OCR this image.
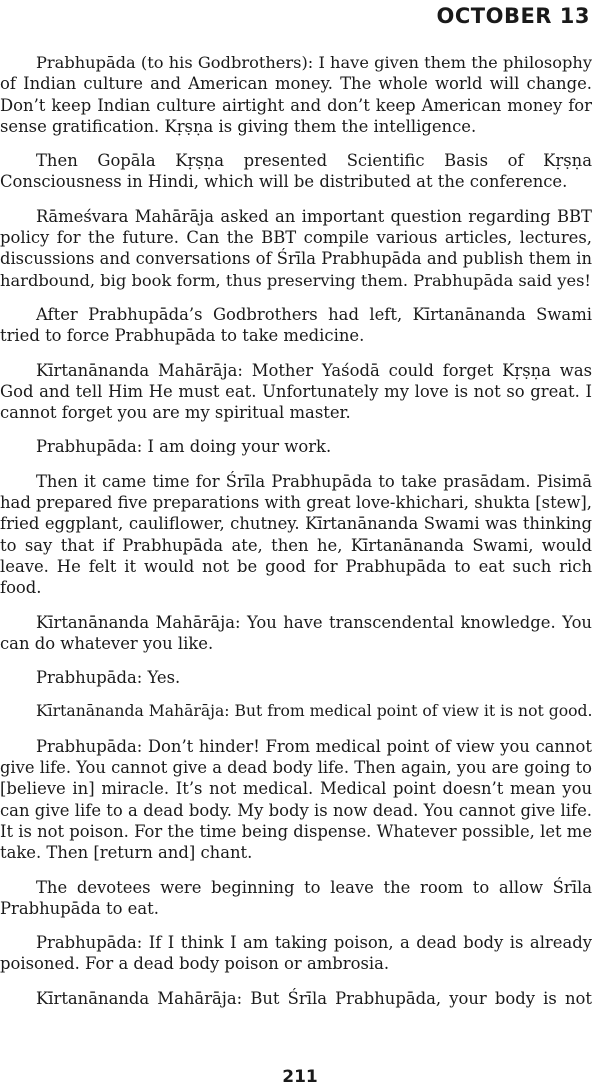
OCTOBER 13
Prabhupāda (to his Godbrothers): I have given them the philosophy
of Indian culture and American money. The whole world will change.
Don’t keep Indian culture airtight and don’t keep American money for
sense gratification. Kṛṣṇa is giving them the intelligence.
Then Gopāla Kṛṣṇa presented Scientific Basis of Kṛṣṇa
Consciousness in Hindi, which will be distributed at the conference.
Rāmeśvara Mahārāja asked an important question regarding BBT
policy for the future. Can the BBT compile various articles, lectures,
discussions and conversations of Śrīla Prabhupāda and publish them in
hardbound, big book form, thus preserving them. Prabhupāda said yes!
After Prabhupāda’s Godbrothers had left, Kīrtanānanda Swami
tried to force Prabhupāda to take medicine.
Kīrtanānanda Mahārāja: Mother Yaśodā could forget Kṛṣṇa was
God and tell Him He must eat. Unfortunately my love is not so great. I
cannot forget you are my spiritual master.
Prabhupāda: I am doing your work.
Then it came time for Śrīla Prabhupāda to take prasādam. Pisimā
had prepared five preparations with great love-khichari, shukta [stew],
fried eggplant, cauliflower, chutney. Kīrtanānanda Swami was thinking
to say that if Prabhupāda ate, then he, Kīrtanānanda Swami, would
leave. He felt it would not be good for Prabhupāda to eat such rich
food.
Kīrtanānanda Mahārāja: You have transcendental knowledge. You
can do whatever you like.
Prabhupāda: Yes.
Kīrtanānanda Mahārāja: But from medical point of view it is not good.
Prabhupāda: Don’t hinder! From medical point of view you cannot
give life. You cannot give a dead body life. Then again, you are going to
[believe in] miracle. It’s not medical. Medical point doesn’t mean you
can give life to a dead body. My body is now dead. You cannot give life.
It is not poison. For the time being dispense. Whatever possible, let me
take. Then [return and] chant.
The devotees were beginning to leave the room to allow Śrīla
Prabhupāda to eat.
Prabhupāda: If I think I am taking poison, a dead body is already
poisoned. For a dead body poison or ambrosia.
Kīrtanānanda Mahārāja: But Śrīla Prabhupāda, your body is not
211
